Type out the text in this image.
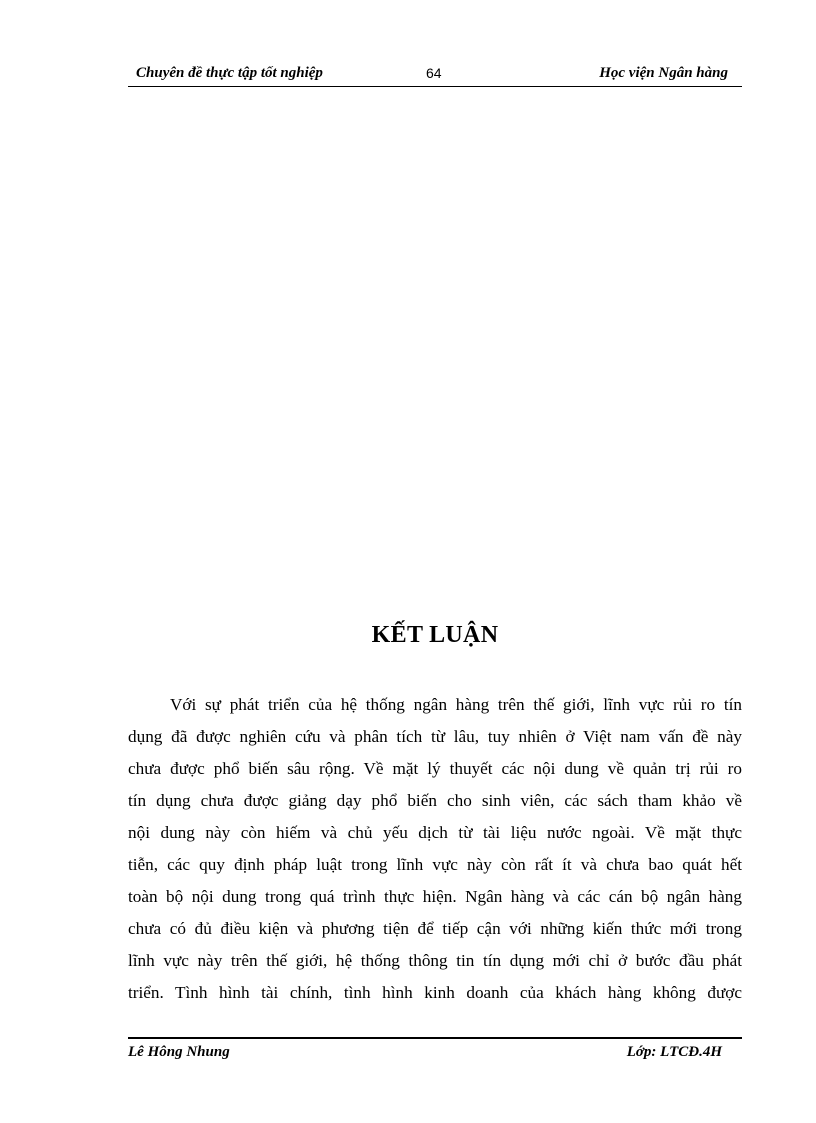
Chuyên đề thực tập tốt nghiệp	64	Học viện Ngân hàng
KẾT LUẬN
Với sự phát triển của hệ thống ngân hàng trên thế giới, lĩnh vực rủi ro tín
dụng đã được nghiên cứu và phân tích từ lâu, tuy nhiên ở Việt nam vấn đề này
chưa được phổ biến sâu rộng. Về mặt lý thuyết các nội dung về quản trị rủi ro
tín dụng chưa được giảng dạy phổ biến cho sinh viên, các sách tham khảo về
nội dung này còn hiếm và chủ yếu dịch từ tài liệu nước ngoài. Về mặt thực
tiễn, các quy định pháp luật trong lĩnh vực này còn rất ít và chưa bao quát hết
toàn bộ nội dung trong quá trình thực hiện. Ngân hàng và các cán bộ ngân hàng
chưa có đủ điều kiện và phương tiện để tiếp cận với những kiến thức mới trong
lĩnh vực này trên thế giới, hệ thống thông tin tín dụng mới chỉ ở bước đầu phát
triển. Tình hình tài chính, tình hình kinh doanh của khách hàng không được
Lê Hông Nhung	Lớp: LTCĐ.4H
